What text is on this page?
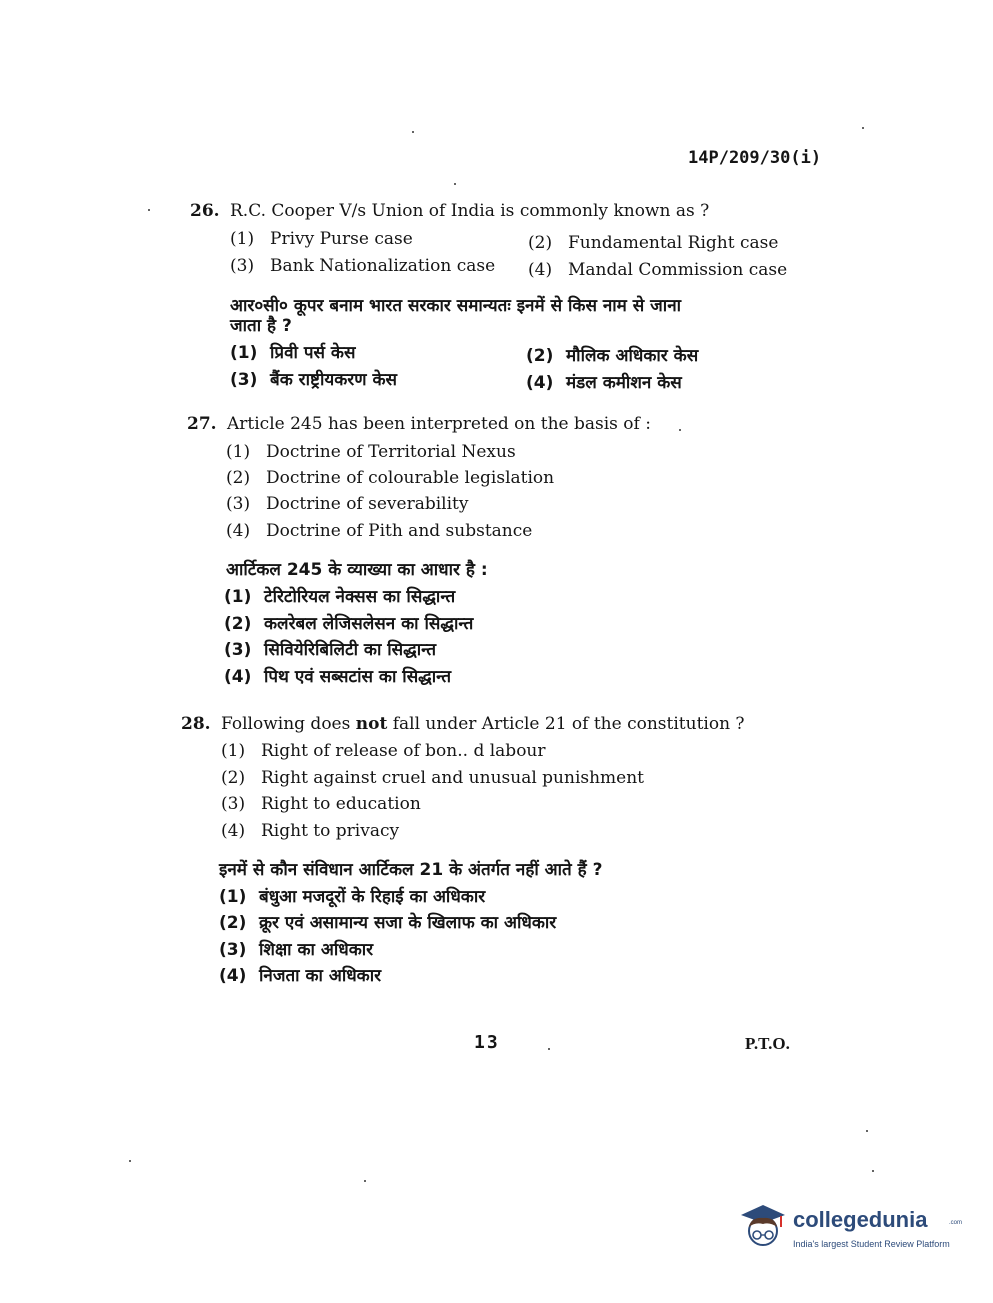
14P/209/30(i)
26. R.C. Cooper V/s Union of India is commonly known as ?
(1) Privy Purse case	(2) Fundamental Right case
(3) Bank Nationalization case (4) Mandal Commission case
आर०सी० कूपर बनाम भारत सरकार समान्यतः इनमें से किस नाम से जाना
जाता है ?
(1) प्रिवी पर्स केस	(2) मौलिक अधिकार केस
(3) बैंक राष्ट्रीयकरण केस	(4) मंडल कमीशन केस
27. Article 245 has been interpreted on the basis of :
(1) Doctrine of Territorial Nexus
(2) Doctrine of colourable legislation
(3) Doctrine of severability
(4) Doctrine of Pith and substance
आर्टिकल 245 के व्याख्या का आधार है :
(1) टेरिटोरियल नेक्सस का सिद्धान्त
(2) कलरेबल लेजिसलेसन का सिद्धान्त
(3) सिवियेरिबिलिटी का सिद्धान्त
(4) पिथ एवं सब्सटांस का सिद्धान्त
28. Following does not fall under Article 21 of the constitution ?
(1) Right of release of bon.. d labour
(2) Right against cruel and unusual punishment
(3) Right to education
(4) Right to privacy
इनमें से कौन संविधान आर्टिकल 21 के अंतर्गत नहीं आते हैं ?
(1) बंधुआ मजदूरों के रिहाई का अधिकार
(2) क्रूर एवं असामान्य सजा के खिलाफ का अधिकार
(3) शिक्षा का अधिकार
(4) निजता का अधिकार
13	P.T.O.
collegedunia	.com
India's largest Student Review Platform
